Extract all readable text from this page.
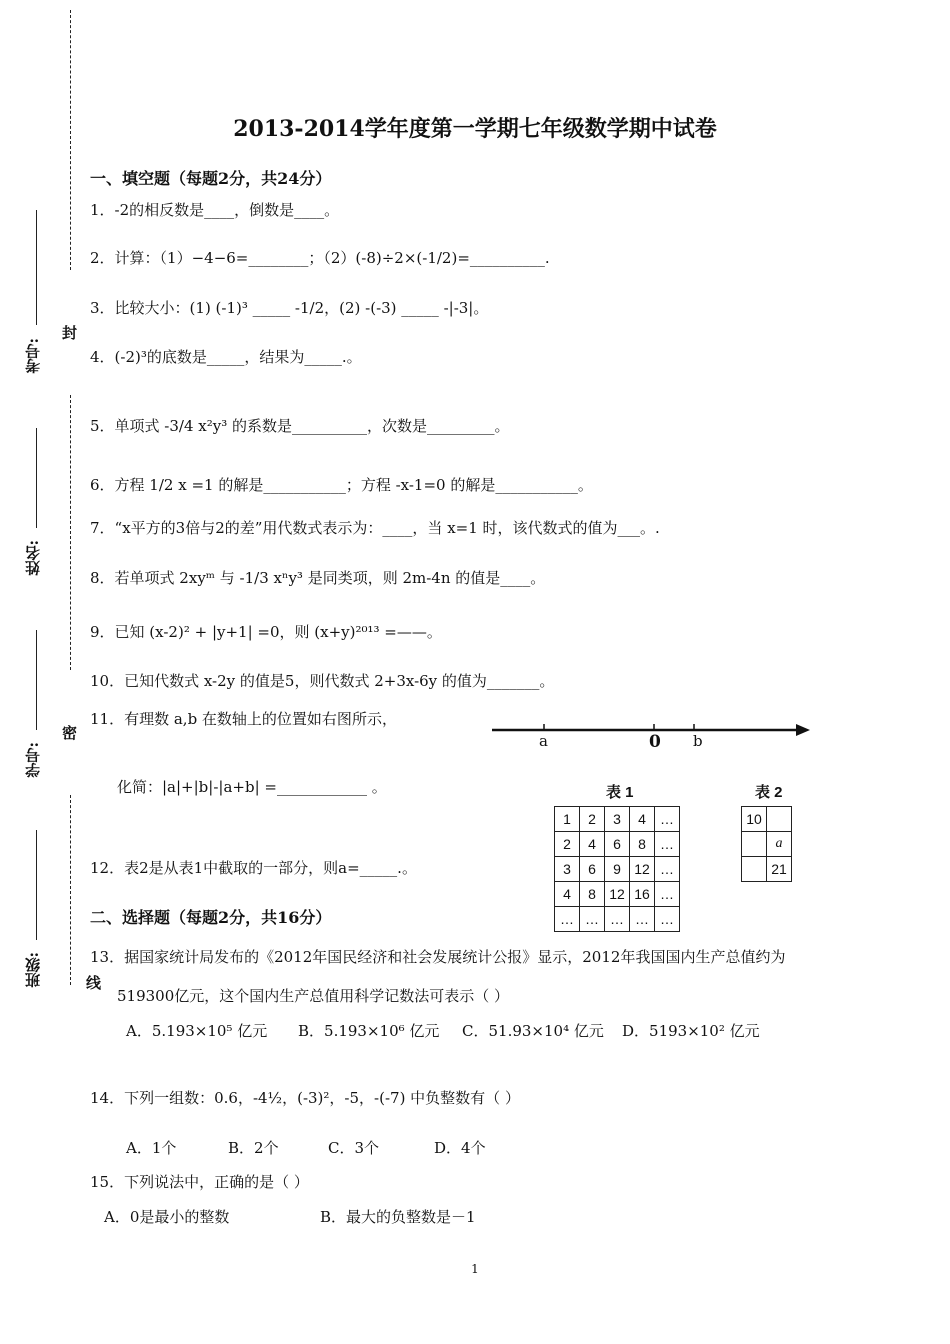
考号:
姓名:
学号:
班级:
封
密
线
2013-2014学年度第一学期七年级数学期中试卷
一、填空题（每题2分，共24分）
1．-2的相反数是____，倒数是____。
2．计算：（1）−4−6=________；（2）(-8)÷2×(-1/2)=__________.
3．比较大小：(1) (-1)³ _____ -1/2，(2) -(-3) _____ -|-3|。
4．(-2)³的底数是_____，结果为_____.。
5．单项式 -3/4 x²y³ 的系数是__________，次数是_________。
6．方程 1/2 x =1 的解是___________；方程 -x-1=0 的解是___________。
7．“x平方的3倍与2的差”用代数式表示为：____，当 x=1 时，该代数式的值为___。.
8．若单项式 2xyᵐ 与 -1/3 xⁿy³ 是同类项，则 2m-4n 的值是____。
9．已知 (x-2)² + |y+1| =0，则 (x+y)²⁰¹³ =——。
10．已知代数式 x-2y 的值是5，则代数式 2+3x-6y 的值为_______。
11．有理数 a,b 在数轴上的位置如右图所示，
化简：|a|+|b|-|a+b| =____________ 。
12．表2是从表1中截取的一部分，则a=_____.。
a	0 b
表 1
1	2	3	4	…
2	4	6	8	…
3	6	9	12	…
4	8	12	16	…
…	…	…	…	…
表 2
10	
	a
	21
二、选择题（每题2分，共16分）
13．据国家统计局发布的《2012年国民经济和社会发展统计公报》显示，2012年我国国内生产总值约为
519300亿元，这个国内生产总值用科学记数法可表示（ ）
A．5.193×10⁵ 亿元 B．5.193×10⁶ 亿元 C．51.93×10⁴ 亿元 D．5193×10² 亿元
14．下列一组数：0.6，-4½，(-3)²，-5，-(-7) 中负整数有（ ）
A．1个	B．2个	C．3个	D．4个
15．下列说法中，正确的是（ ）
A．0是最小的整数	B．最大的负整数是－1
1
